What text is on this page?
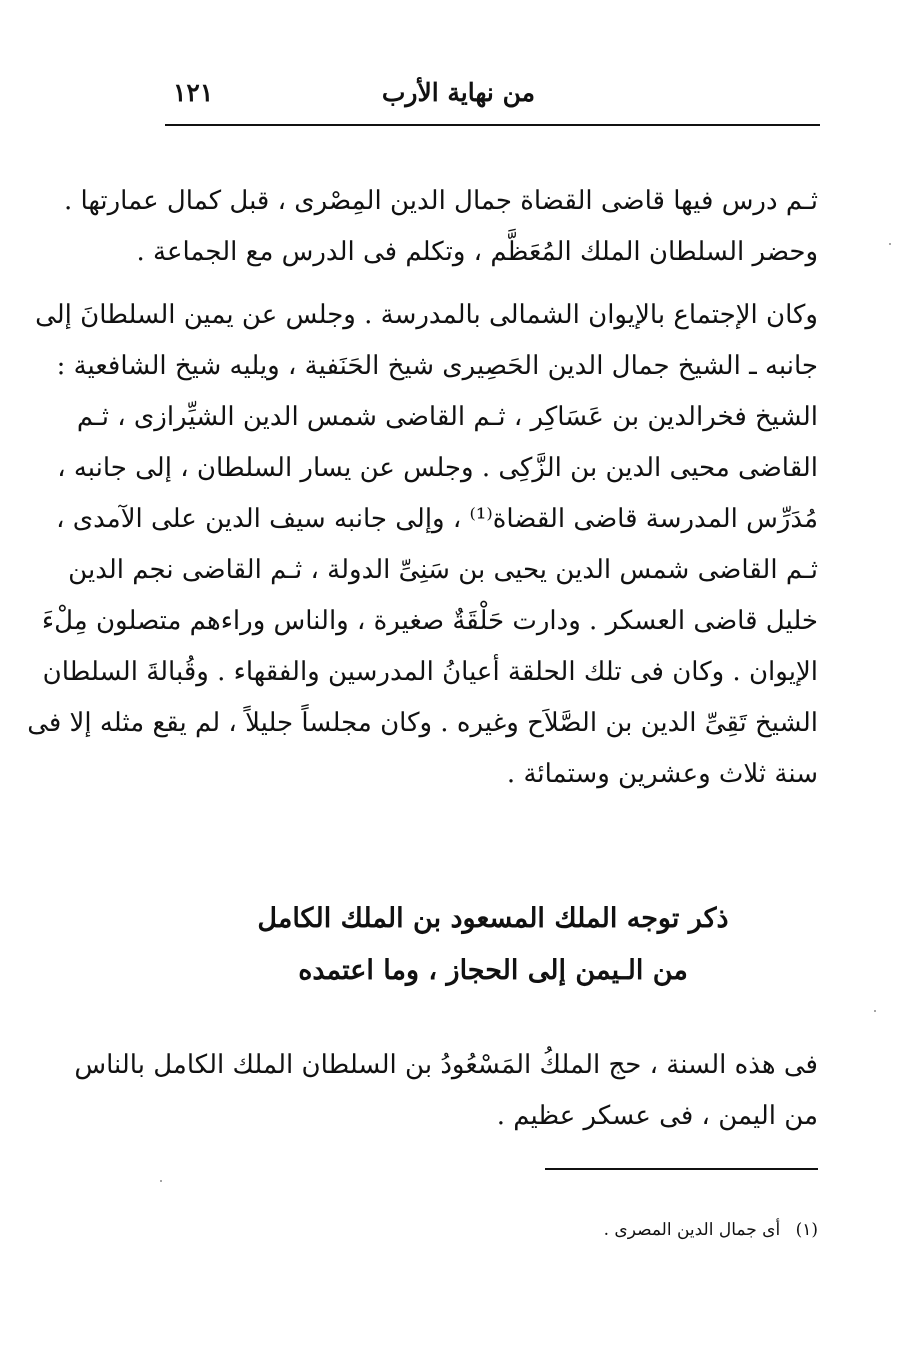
من نهاية الأرب
١٢١
ثـم درس فيها قاضى القضاة جمال الدين المِصْرى ، قبل كمال عمارتها .
وحضر السلطان الملك المُعَظَّم ، وتكلم فى الدرس مع الجماعة .
وكان الإجتماع بالإيوان الشمالى بالمدرسة . وجلس عن يمين السلطانَ إلى
جانبه ـ الشيخ جمال الدين الحَصِيرى شيخ الحَنَفية ، ويليه شيخ الشافعية :
الشيخ فخرالدين بن عَسَاكِر ، ثـم القاضى شمس الدين الشيِّرازى ، ثـم
القاضى محيى الدين بن الزَّكِى . وجلس عن يسار السلطان ، إلى جانبه ،
مُدَرِّس المدرسة قاضى القضاة⁽¹⁾ ، وإلى جانبه سيف الدين على الآمدى ،
ثـم القاضى شمس الدين يحيى بن سَنِىِّ الدولة ، ثـم القاضى نجم الدين
خليل قاضى العسكر . ودارت حَلْقَةٌ صغيرة ، والناس وراءهم متصلون مِلْءَ
الإيوان . وكان فى تلك الحلقة أعيانُ المدرسين والفقهاء . وقُبالةَ السلطان
الشيخ تَقِىِّ الدين بن الصَّلاَح وغيره . وكان مجلساً جليلاً ، لم يقع مثله إلا فى
سنة ثلاث وعشرين وستمائة .
ذكر توجه الملك المسعود بن الملك الكامل
من الـيمن إلى الحجاز ، وما اعتمده
فى هذه السنة ، حج الملكُ المَسْعُودُ بن السلطان الملك الكامل بالناس
من اليمن ، فى عسكر عظيم .
(١) أى جمال الدين المصرى .
